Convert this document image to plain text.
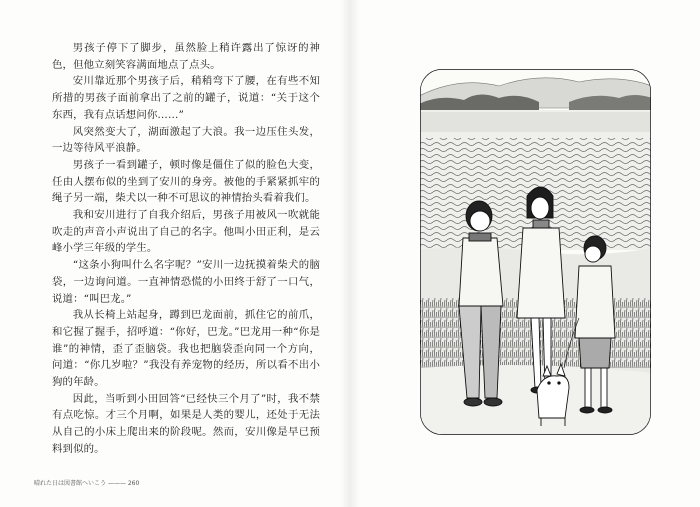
男孩子停下了脚步，虽然脸上稍许露出了惊讶的神色，但他立刻笑容满面地点了点头。

安川靠近那个男孩子后，稍稍弯下了腰，在有些不知所措的男孩子面前拿出了之前的罐子，说道：“关于这个东西，我有点话想问你……”

风突然变大了，湖面激起了大浪。我一边压住头发，一边等待风平浪静。

男孩子一看到罐子，顿时像是僵住了似的脸色大变，任由人摆布似的坐到了安川的身旁。被他的手紧紧抓牢的绳子另一端，柴犬以一种不可思议的神情抬头看着我们。

我和安川进行了自我介绍后，男孩子用被风一吹就能吹走的声音小声说出了自己的名字。他叫小田正利，是云峰小学三年级的学生。

“这条小狗叫什么名字呢？”安川一边抚摸着柴犬的脑袋，一边询问道。一直神情恐慌的小田终于舒了一口气，说道：“叫巴龙。”

我从长椅上站起身，蹲到巴龙面前，抓住它的前爪，和它握了握手，招呼道：“你好，巴龙。”巴龙用一种“你是谁”的神情，歪了歪脑袋。我也把脑袋歪向同一个方向，问道：“你几岁啦？”我没有养宠物的经历，所以看不出小狗的年龄。

因此，当听到小田回答“已经快三个月了”时，我不禁有点吃惊。才三个月啊，如果是人类的婴儿，还处于无法从自己的小床上爬出来的阶段呢。然而，安川像是早已预料到似的。

晴れた日は図書館へいこう ——— 260
